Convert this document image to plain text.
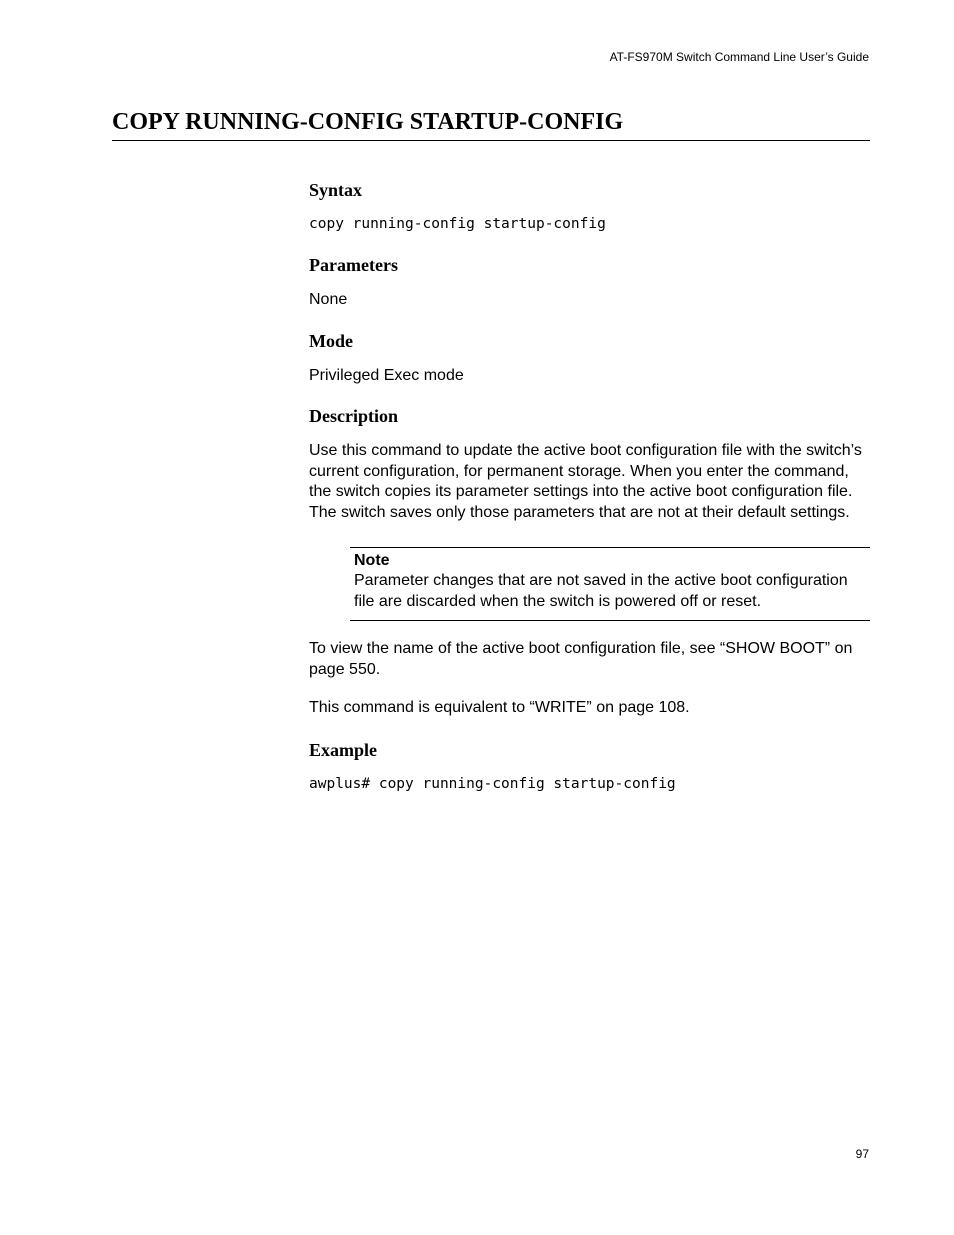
AT-FS970M Switch Command Line User’s Guide
COPY RUNNING-CONFIG STARTUP-CONFIG
Syntax
copy running-config startup-config
Parameters

None

Mode

Privileged Exec mode

Description

Use this command to update the active boot configuration file with the switch’s current configuration, for permanent storage. When you enter the command, the switch copies its parameter settings into the active boot configuration file. The switch saves only those parameters that are not at their default settings.

Note

Parameter changes that are not saved in the active boot configuration file are discarded when the switch is powered off or reset.

To view the name of the active boot configuration file, see “SHOW BOOT” on page 550.

This command is equivalent to “WRITE” on page 108.

Example
awplus# copy running-config startup-config
97
